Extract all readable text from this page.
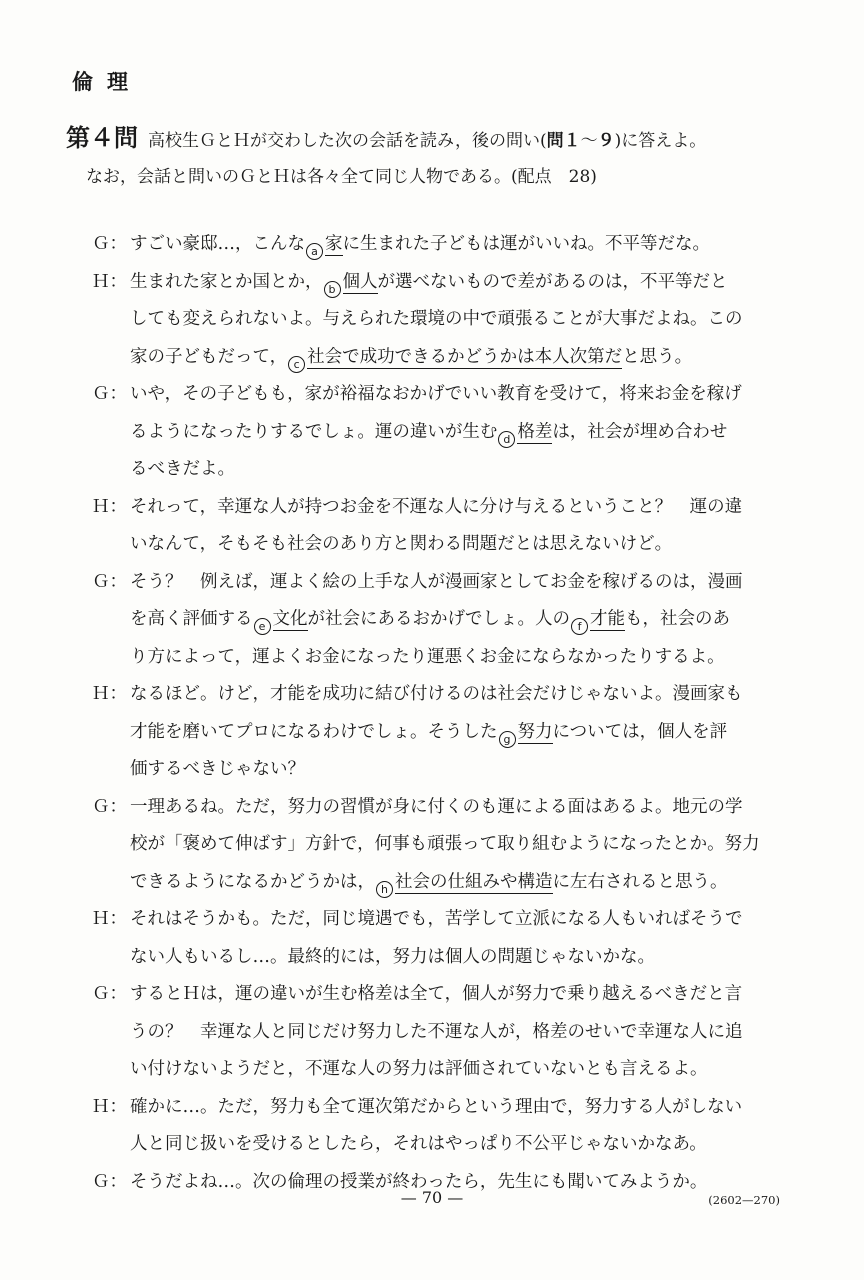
倫理
第４問 高校生ＧとＨが交わした次の会話を読み，後の問い(問１～９)に答えよ。
なお，会話と問いのＧとＨは各々全て同じ人物である。(配点　28)
Ｇ： すごい豪邸…，こんな a 家に生まれた子どもは運がいいね。不平等だな。
Ｈ： 生まれた家とか国とか， b 個人が選べないもので差があるのは，不平等だと
しても変えられないよ。与えられた環境の中で頑張ることが大事だよね。この
家の子どもだって， c 社会で成功できるかどうかは本人次第だと思う。
Ｇ： いや，その子どもも，家が裕福なおかげでいい教育を受けて，将来お金を稼げ
るようになったりするでしょ。運の違いが生む d 格差は，社会が埋め合わせ
るべきだよ。
Ｈ： それって，幸運な人が持つお金を不運な人に分け与えるということ？　運の違
いなんて，そもそも社会のあり方と関わる問題だとは思えないけど。
Ｇ： そう？　例えば，運よく絵の上手な人が漫画家としてお金を稼げるのは，漫画
を高く評価する e 文化が社会にあるおかげでしょ。人の f 才能も，社会のあ
り方によって，運よくお金になったり運悪くお金にならなかったりするよ。
Ｈ： なるほど。けど，才能を成功に結び付けるのは社会だけじゃないよ。漫画家も
才能を磨いてプロになるわけでしょ。そうした g 努力については，個人を評
価するべきじゃない？
Ｇ： 一理あるね。ただ，努力の習慣が身に付くのも運による面はあるよ。地元の学
校が「褒めて伸ばす」方針で，何事も頑張って取り組むようになったとか。努力
できるようになるかどうかは， h 社会の仕組みや構造に左右されると思う。
Ｈ： それはそうかも。ただ，同じ境遇でも，苦学して立派になる人もいればそうで
ない人もいるし…。最終的には，努力は個人の問題じゃないかな。
Ｇ： するとＨは，運の違いが生む格差は全て，個人が努力で乗り越えるべきだと言
うの？　幸運な人と同じだけ努力した不運な人が，格差のせいで幸運な人に追
い付けないようだと，不運な人の努力は評価されていないとも言えるよ。
Ｈ： 確かに…。ただ，努力も全て運次第だからという理由で，努力する人がしない
人と同じ扱いを受けるとしたら，それはやっぱり不公平じゃないかなあ。
Ｇ： そうだよね…。次の倫理の授業が終わったら，先生にも聞いてみようか。
— 70 —	(2602—270)
